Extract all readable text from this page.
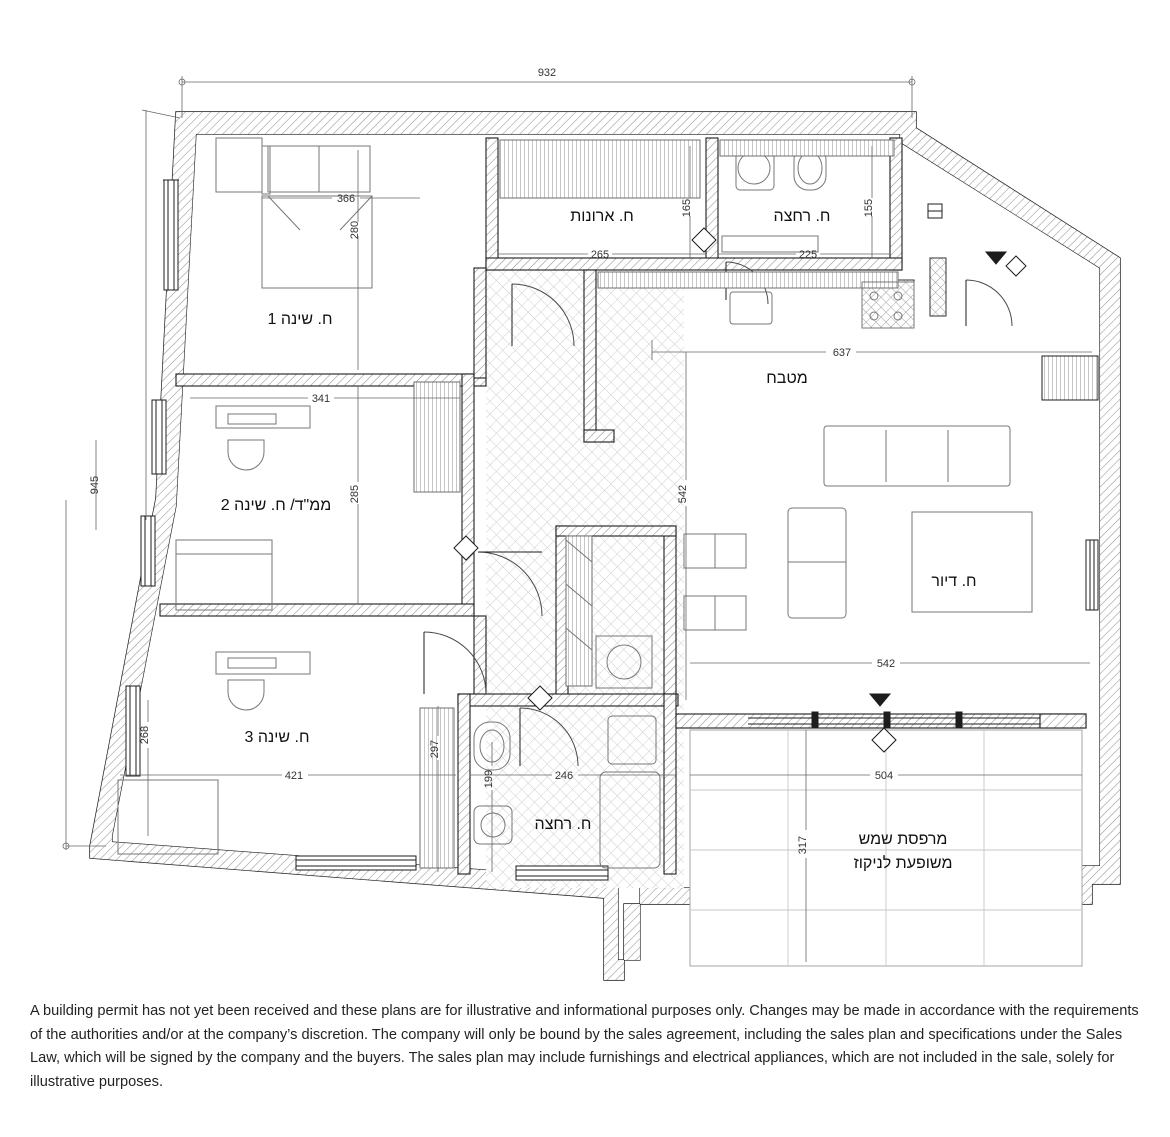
ח. שינה 1
ח. ארונות	ח. רחצה
מטבח
ממ"ד/ ח. שינה 2
ח. דיור
ח. שינה 3
ח. רחצה
מרפסת שמש
משופעת לניקוז
932
366
280
265	225
165	155
637
341
285
945	542
542
421
268
297
199	246	504
317
A building permit has not yet been received and these plans are for illustrative and informational purposes only. Changes may be made in accordance with the requirements of the authorities and/or at the company’s discretion. The company will only be bound by the sales agreement, including the sales plan and specifications under the Sales Law, which will be signed by the company and the buyers. The sales plan may include furnishings and electrical appliances, which are not included in the sale, solely for illustrative purposes.
